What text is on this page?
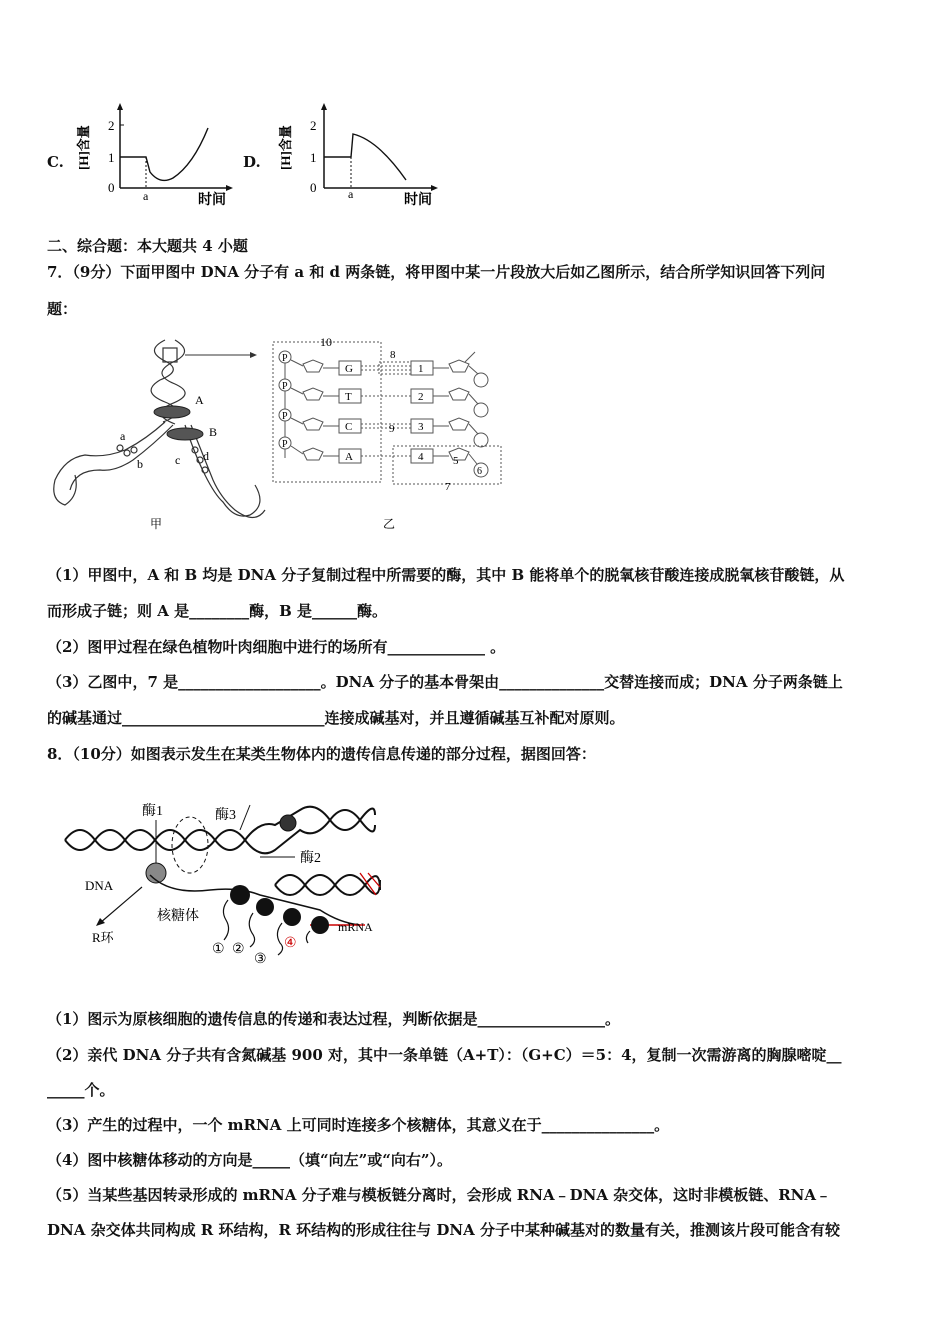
C. [H]含量 2
1
0
a	时间
D. [H]含量 2
1
0	a	时间
二、综合题：本大题共 4 小题
7．（9分）下面甲图中 DNA 分子有 a 和 d 两条链，将甲图中某一片段放大后如乙图所示，结合所学知识回答下列问
题：
A
B
a
b	c d
甲
10
P
P
P
P
G
T
C
A
8
9
1
2
3
4	5
6
7
乙
（1）甲图中，A 和 B 均是 DNA 分子复制过程中所需要的酶，其中 B 能将单个的脱氧核苷酸连接成脱氧核苷酸链，从
而形成子链；则 A 是________酶，B 是______酶。
（2）图甲过程在绿色植物叶肉细胞中进行的场所有_____________ 。
（3）乙图中，7 是___________________。DNA 分子的基本骨架由______________交替连接而成；DNA 分子两条链上
的碱基通过___________________________连接成碱基对，并且遵循碱基互补配对原则。
8．（10分）如图表示发生在某类生物体内的遗传信息传递的部分过程，据图回答：
酶1	酶3
酶2
DNA
核糖体
R环
mRNA
① ②
③
④
（1）图示为原核细胞的遗传信息的传递和表达过程，判断依据是_________________。
（2）亲代 DNA 分子共有含氮碱基 900 对，其中一条单链（A+T）：（G+C）＝5：4，复制一次需游离的胸腺嘧啶__
_____个。
（3）产生的过程中，一个 mRNA 上可同时连接多个核糖体，其意义在于_______________。
（4）图中核糖体移动的方向是_____（填“向左”或“向右”）。
（5）当某些基因转录形成的 mRNA 分子难与模板链分离时，会形成 RNA﹣DNA 杂交体，这时非模板链、RNA﹣
DNA 杂交体共同构成 R 环结构，R 环结构的形成往往与 DNA 分子中某种碱基对的数量有关，推测该片段可能含有较
